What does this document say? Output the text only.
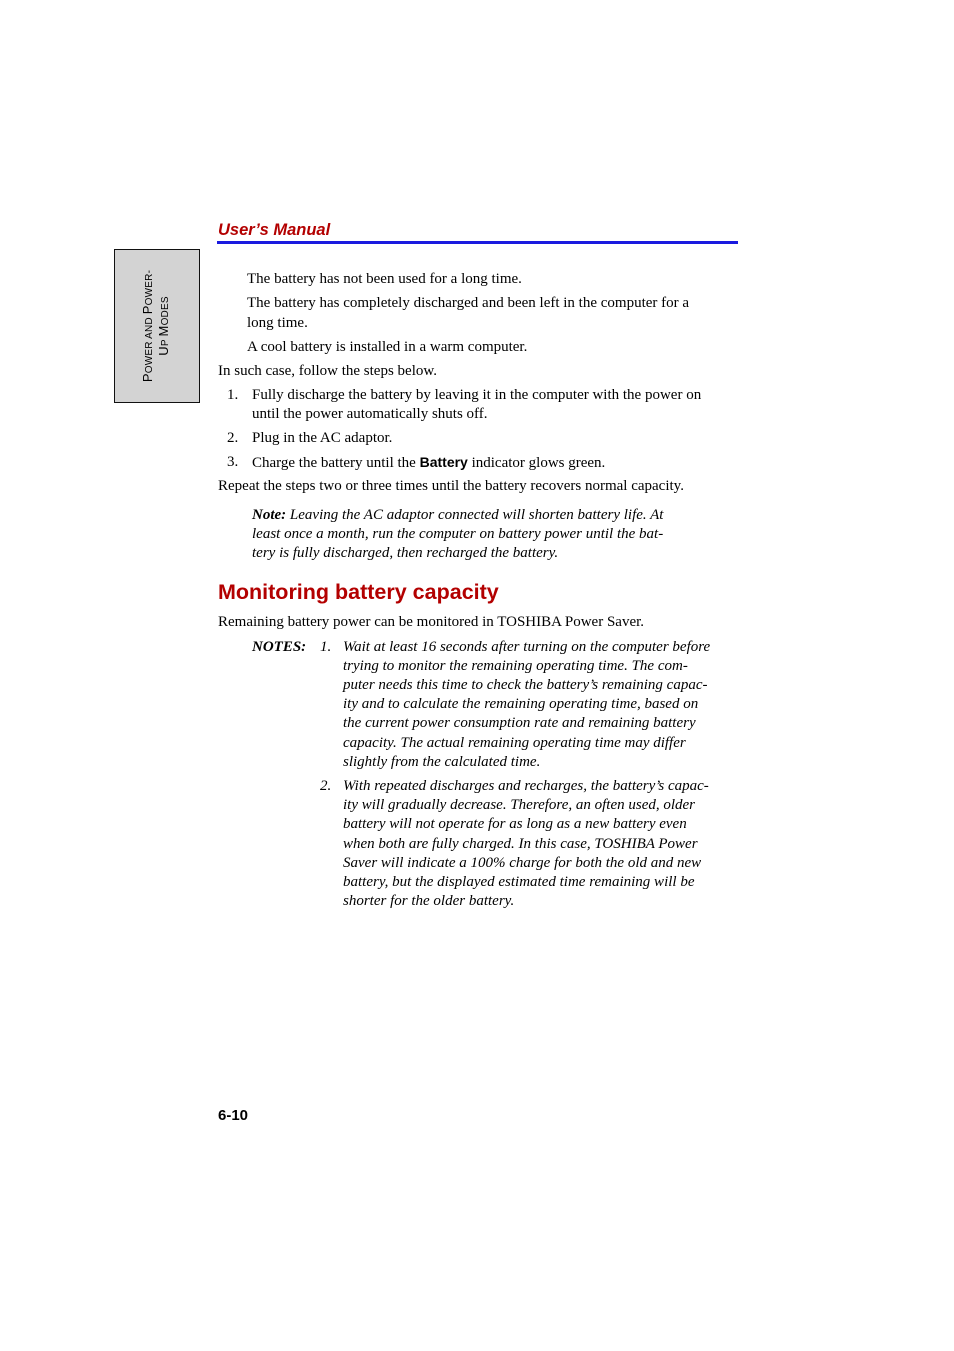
User’s Manual
POWER AND POWER-
UP MODES
The battery has not been used for a long time.
The battery has completely discharged and been left in the computer for a
long time.
A cool battery is installed in a warm computer.
In such case, follow the steps below.
1. Fully discharge the battery by leaving it in the computer with the power on
until the power automatically shuts off.
2. Plug in the AC adaptor.
3. Charge the battery until the Battery indicator glows green.
Repeat the steps two or three times until the battery recovers normal capacity.
Note: Leaving the AC adaptor connected will shorten battery life. At
least once a month, run the computer on battery power until the bat-
tery is fully discharged, then recharged the battery.
Monitoring battery capacity
Remaining battery power can be monitored in TOSHIBA Power Saver.
NOTES: 1. Wait at least 16 seconds after turning on the computer before
trying to monitor the remaining operating time. The com-
puter needs this time to check the battery’s remaining capac-
ity and to calculate the remaining operating time, based on
the current power consumption rate and remaining battery
capacity. The actual remaining operating time may differ
slightly from the calculated time.
2. With repeated discharges and recharges, the battery’s capac-
ity will gradually decrease. Therefore, an often used, older
battery will not operate for as long as a new battery even
when both are fully charged. In this case, TOSHIBA Power
Saver will indicate a 100% charge for both the old and new
battery, but the displayed estimated time remaining will be
shorter for the older battery.
6-10
